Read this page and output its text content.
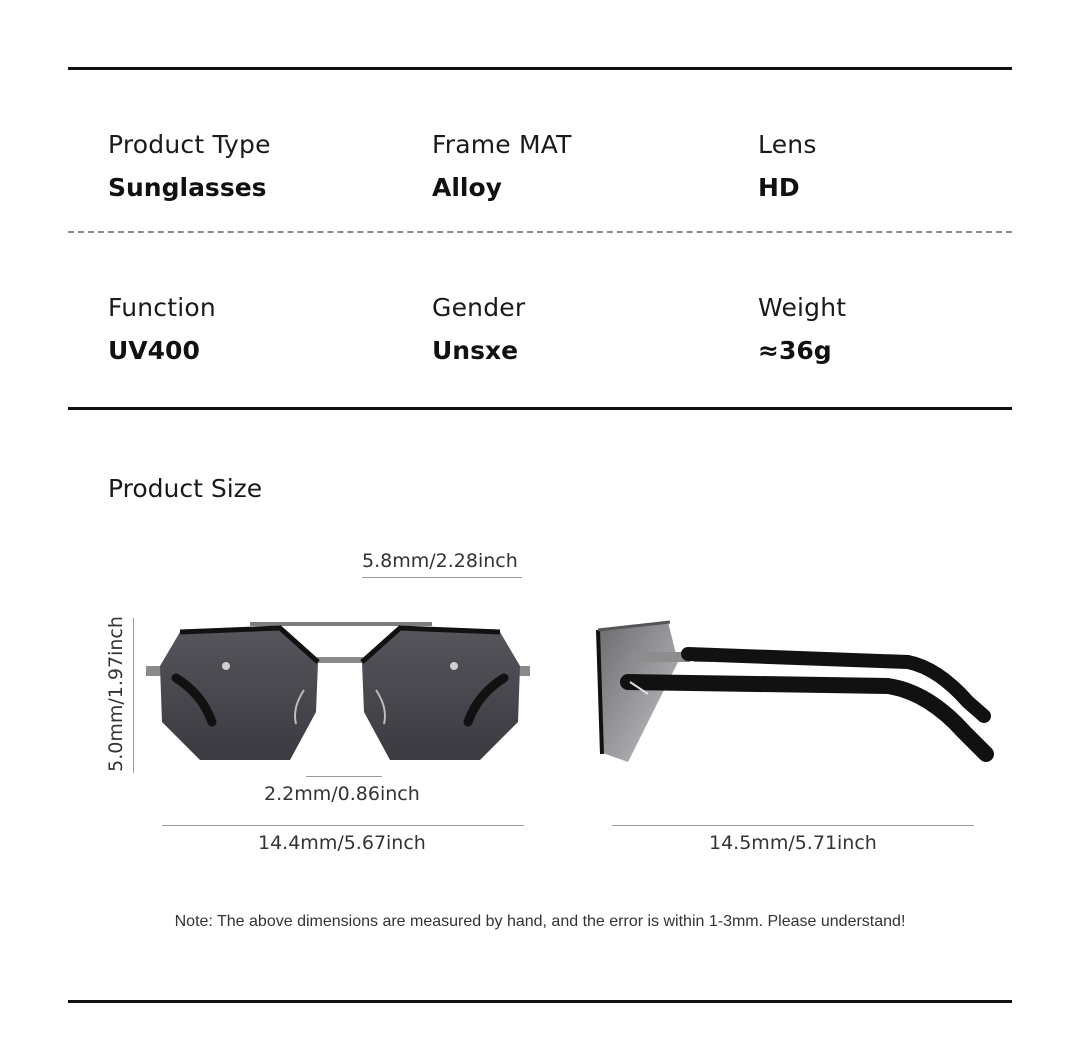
Product Type
Sunglasses
Frame MAT
Alloy
Lens
HD
Function
UV400
Gender
Unsxe
Weight
≈36g
Product Size
5.8mm/2.28inch
5.0mm/1.97inch
2.2mm/0.86inch
14.4mm/5.67inch	14.5mm/5.71inch
Note: The above dimensions are measured by hand, and the error is within 1-3mm. Please understand!
